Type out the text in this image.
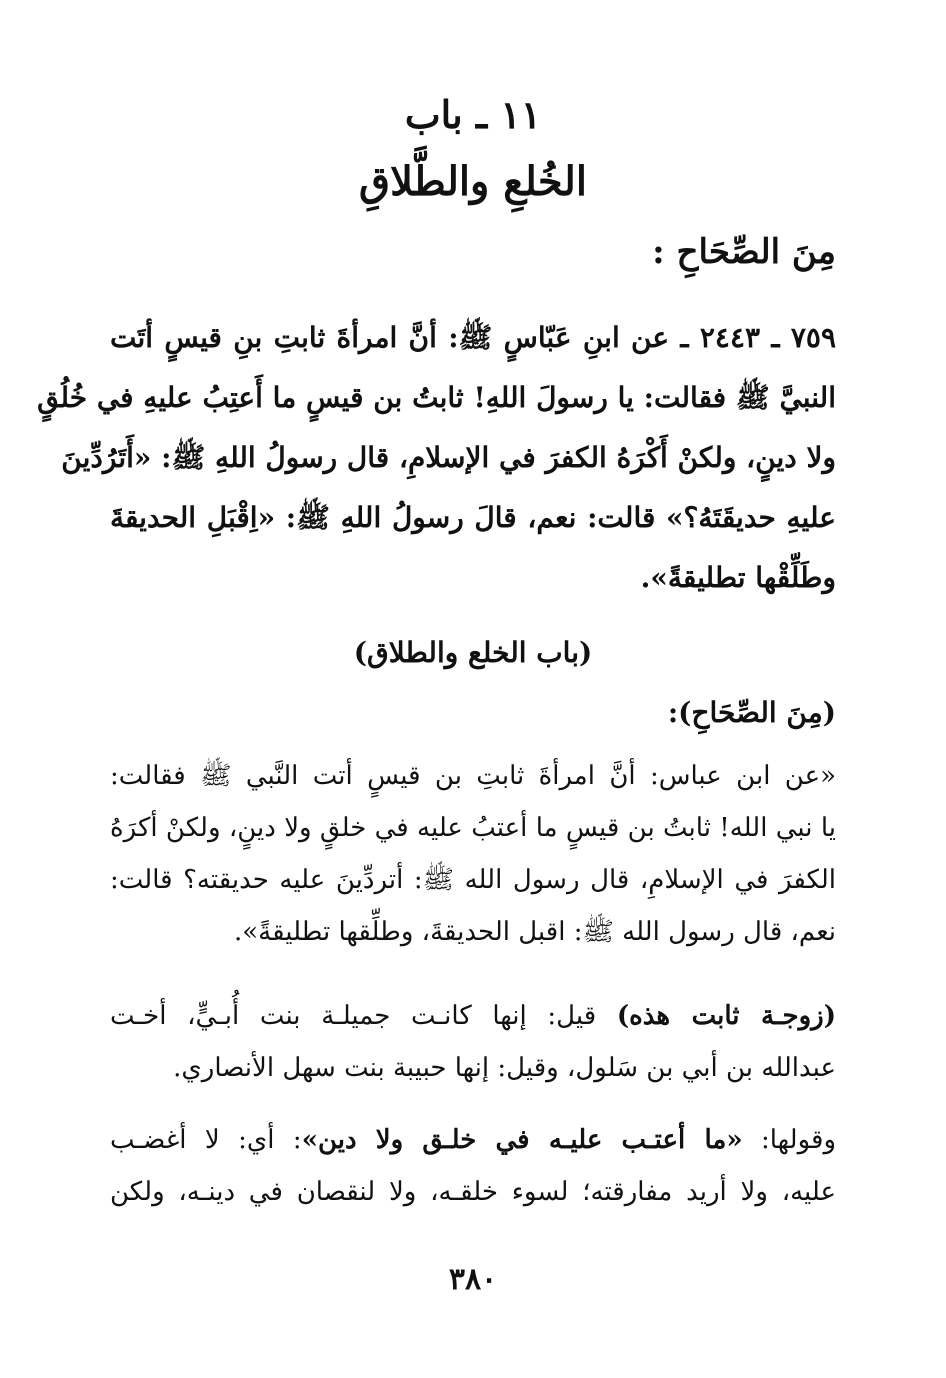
١١ ـ باب
الخُلعِ والطَّلاقِ
مِنَ الصِّحَاحِ :
٧٥٩ ـ ٢٤٤٣ ـ عن ابنِ عَبّاسٍ ﷺ: أنَّ امرأةَ ثابتِ بنِ قيسٍ أتَت
النبيَّ ﷺ فقالت: يا رسولَ اللهِ! ثابتُ بن قيسٍ ما أَعتِبُ عليهِ في خُلُقٍ
ولا دينٍ، ولكنْ أَكْرَهُ الكفرَ في الإسلامِ، قال رسولُ اللهِ ﷺ: «أَتَرُدِّينَ
عليهِ حديقَتَهُ؟» قالت: نعم، قالَ رسولُ اللهِ ﷺ: «اِقْبَلِ الحديقةَ
وطَلِّقْها تطليقةً».
(باب الخلع والطلاق)
(مِنَ الصِّحَاحِ):
«عن ابن عباس: أنَّ امرأةَ ثابتِ بن قيسٍ أتت النَّبي ﷺ فقالت:
يا نبي الله! ثابتُ بن قيسٍ ما أعتبُ عليه في خلقٍ ولا دينٍ، ولكنْ أكرَهُ
الكفرَ في الإسلامِ، قال رسول الله ﷺ: أتردِّينَ عليه حديقته؟ قالت:
نعم، قال رسول الله ﷺ: اقبل الحديقةَ، وطلِّقها تطليقةً».
(زوجـة ثابت هذه) قيل: إنها كانـت جميلـة بنت أُبـيٍّ، أخـت
عبدالله بن أبي بن سَلول، وقيل: إنها حبيبة بنت سهل الأنصاري.
وقولها: «ما أعتـب عليـه في خلـق ولا دين»: أي: لا أغضـب
عليه، ولا أريد مفارقته؛ لسوء خلقـه، ولا لنقصان في دينـه، ولكن
٣٨٠
